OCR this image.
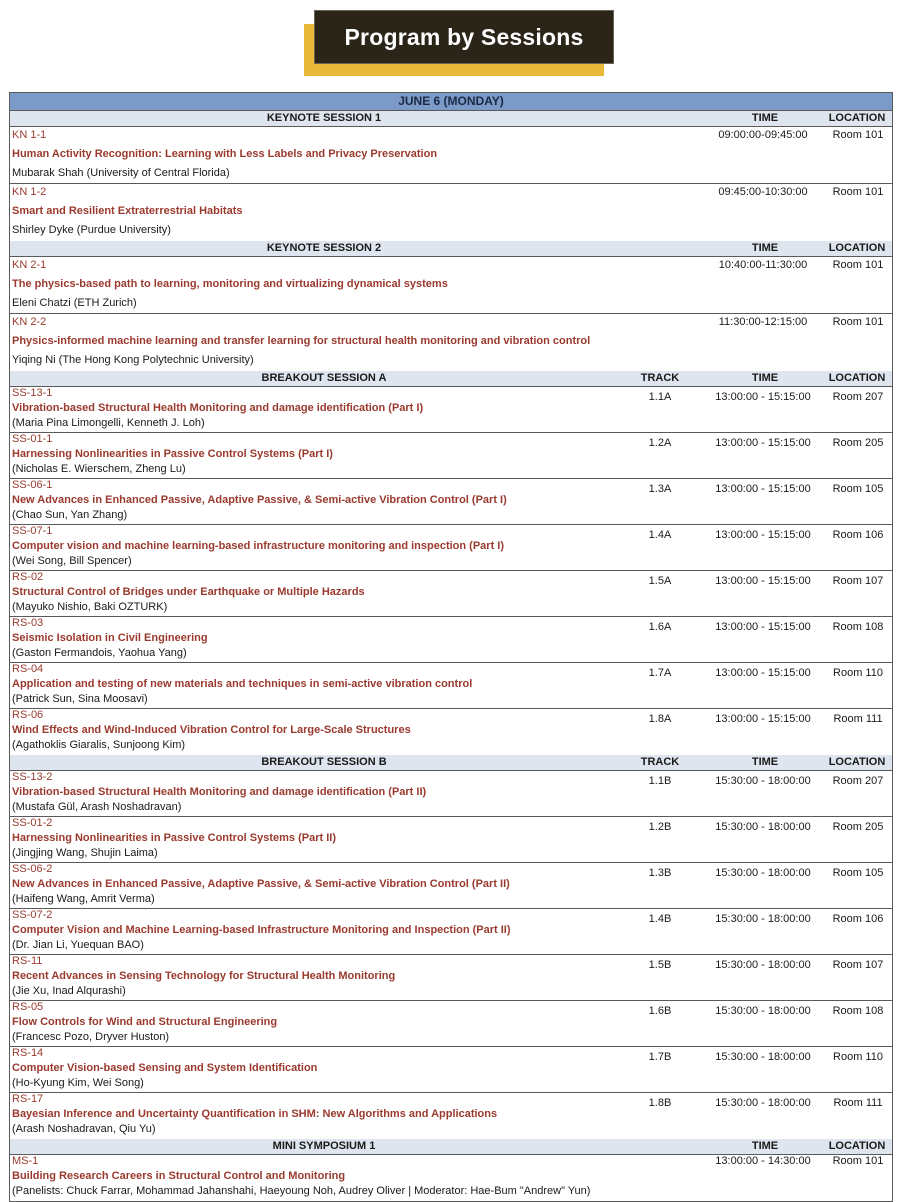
Program by Sessions
JUNE 6 (MONDAY)
KEYNOTE SESSION 1	TIME	LOCATION
KN 1-1
Human Activity Recognition: Learning with Less Labels and Privacy Preservation
Mubarak Shah (University of Central Florida)
09:00:00-09:45:00	Room 101
KN 1-2
Smart and Resilient Extraterrestrial Habitats
Shirley Dyke (Purdue University)
09:45:00-10:30:00	Room 101
KEYNOTE SESSION 2	TIME	LOCATION
KN 2-1
The physics-based path to learning, monitoring and virtualizing dynamical systems
Eleni Chatzi (ETH Zurich)
10:40:00-11:30:00	Room 101
KN 2-2
Physics-informed machine learning and transfer learning for structural health monitoring and vibration control
Yiqing Ni (The Hong Kong Polytechnic University)
11:30:00-12:15:00	Room 101
BREAKOUT SESSION A	TRACK	TIME	LOCATION
SS-13-1
Vibration-based Structural Health Monitoring and damage identification (Part I)
(Maria Pina Limongelli, Kenneth J. Loh)
1.1A	13:00:00 - 15:15:00	Room 207
SS-01-1
Harnessing Nonlinearities in Passive Control Systems (Part I)
(Nicholas E. Wierschem, Zheng Lu)
1.2A	13:00:00 - 15:15:00	Room 205
SS-06-1
New Advances in Enhanced Passive, Adaptive Passive, & Semi-active Vibration Control (Part I)
(Chao Sun, Yan Zhang)
1.3A	13:00:00 - 15:15:00	Room 105
SS-07-1
Computer vision and machine learning-based infrastructure monitoring and inspection (Part I)
(Wei Song, Bill Spencer)
1.4A	13:00:00 - 15:15:00	Room 106
RS-02
Structural Control of Bridges under Earthquake or Multiple Hazards
(Mayuko Nishio, Baki OZTURK)
1.5A	13:00:00 - 15:15:00	Room 107
RS-03
Seismic Isolation in Civil Engineering
(Gaston Fermandois, Yaohua Yang)
1.6A	13:00:00 - 15:15:00	Room 108
RS-04
Application and testing of new materials and techniques in semi-active vibration control
(Patrick Sun, Sina Moosavi)
1.7A	13:00:00 - 15:15:00	Room 110
RS-06
Wind Effects and Wind-Induced Vibration Control for Large-Scale Structures
(Agathoklis Giaralis, Sunjoong Kim)
1.8A	13:00:00 - 15:15:00	Room 111
BREAKOUT SESSION B	TRACK	TIME	LOCATION
SS-13-2
Vibration-based Structural Health Monitoring and damage identification (Part II)
(Mustafa Gül, Arash Noshadravan)
1.1B	15:30:00 - 18:00:00	Room 207
SS-01-2
Harnessing Nonlinearities in Passive Control Systems (Part II)
(Jingjing Wang, Shujin Laima)
1.2B	15:30:00 - 18:00:00	Room 205
SS-06-2
New Advances in Enhanced Passive, Adaptive Passive, & Semi-active Vibration Control (Part II)
(Haifeng Wang, Amrit Verma)
1.3B	15:30:00 - 18:00:00	Room 105
SS-07-2
Computer Vision and Machine Learning-based Infrastructure Monitoring and Inspection (Part II)
(Dr. Jian Li, Yuequan BAO)
1.4B	15:30:00 - 18:00:00	Room 106
RS-11
Recent Advances in Sensing Technology for Structural Health Monitoring
(Jie Xu, Inad Alqurashi)
1.5B	15:30:00 - 18:00:00	Room 107
RS-05
Flow Controls for Wind and Structural Engineering
(Francesc Pozo, Dryver Huston)
1.6B	15:30:00 - 18:00:00	Room 108
RS-14
Computer Vision-based Sensing and System Identification
(Ho-Kyung Kim, Wei Song)
1.7B	15:30:00 - 18:00:00	Room 110
RS-17
Bayesian Inference and Uncertainty Quantification in SHM: New Algorithms and Applications
(Arash Noshadravan, Qiu Yu)
1.8B	15:30:00 - 18:00:00	Room 111
MINI SYMPOSIUM 1	TIME	LOCATION
MS-1
Building Research Careers in Structural Control and Monitoring
(Panelists: Chuck Farrar, Mohammad Jahanshahi, Haeyoung Noh, Audrey Oliver | Moderator: Hae-Bum "Andrew" Yun)
13:00:00 - 14:30:00	Room 101
